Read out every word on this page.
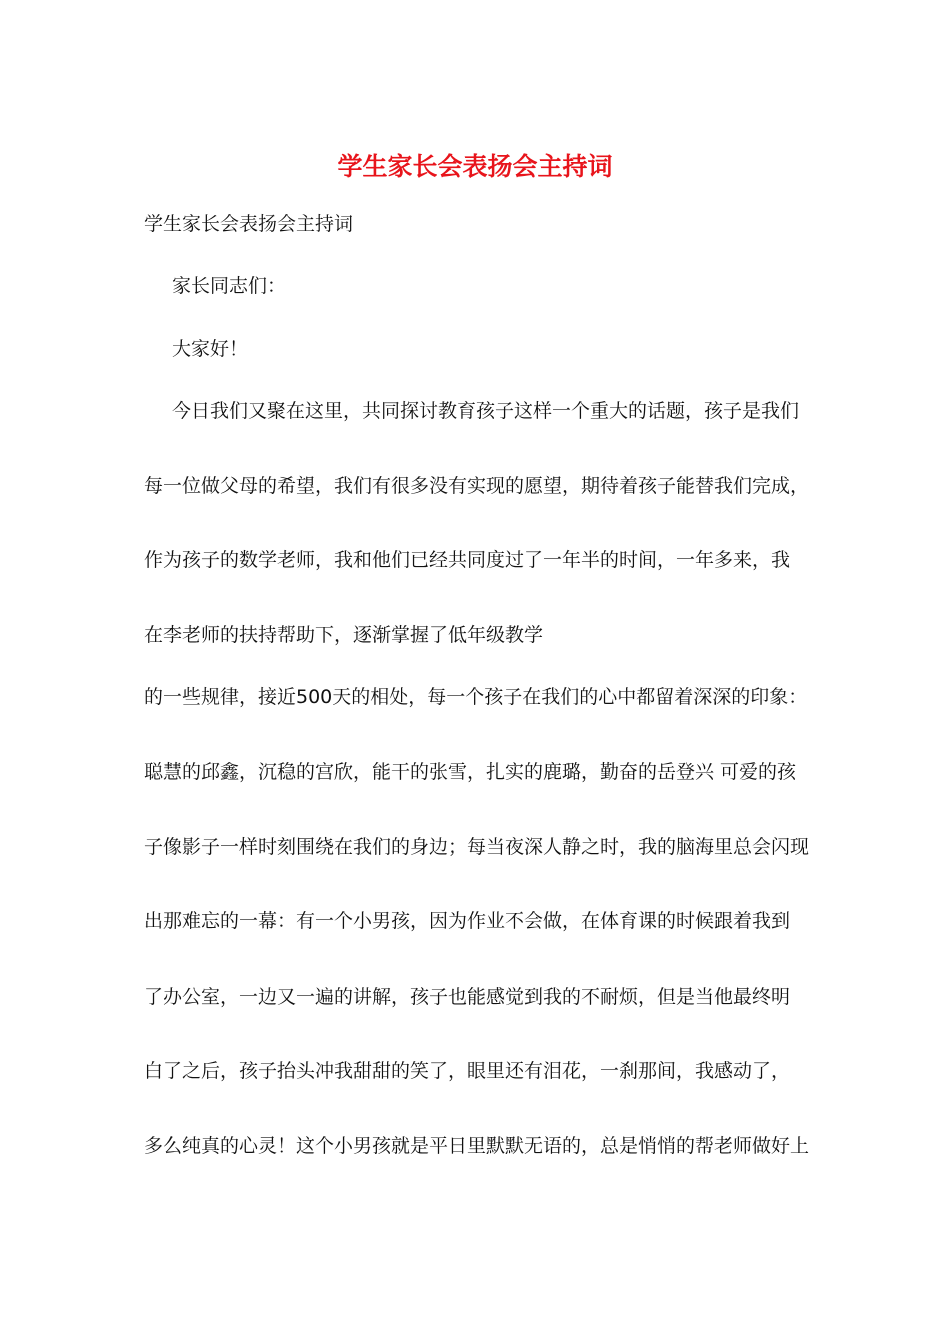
学生家长会表扬会主持词
学生家长会表扬会主持词
家长同志们：
大家好！
今日我们又聚在这里，共同探讨教育孩子这样一个重大的话题，孩子是我们
每一位做父母的希望，我们有很多没有实现的愿望，期待着孩子能替我们完成，
作为孩子的数学老师，我和他们已经共同度过了一年半的时间，一年多来，我
在李老师的扶持帮助下，逐渐掌握了低年级教学
的一些规律，接近500天的相处，每一个孩子在我们的心中都留着深深的印象：
聪慧的邱鑫，沉稳的宫欣，能干的张雪，扎实的鹿璐，勤奋的岳登兴 可爱的孩
子像影子一样时刻围绕在我们的身边；每当夜深人静之时，我的脑海里总会闪现
出那难忘的一幕：有一个小男孩，因为作业不会做，在体育课的时候跟着我到
了办公室，一边又一遍的讲解，孩子也能感觉到我的不耐烦，但是当他最终明
白了之后，孩子抬头冲我甜甜的笑了，眼里还有泪花，一刹那间，我感动了，
多么纯真的心灵！这个小男孩就是平日里默默无语的，总是悄悄的帮老师做好上
